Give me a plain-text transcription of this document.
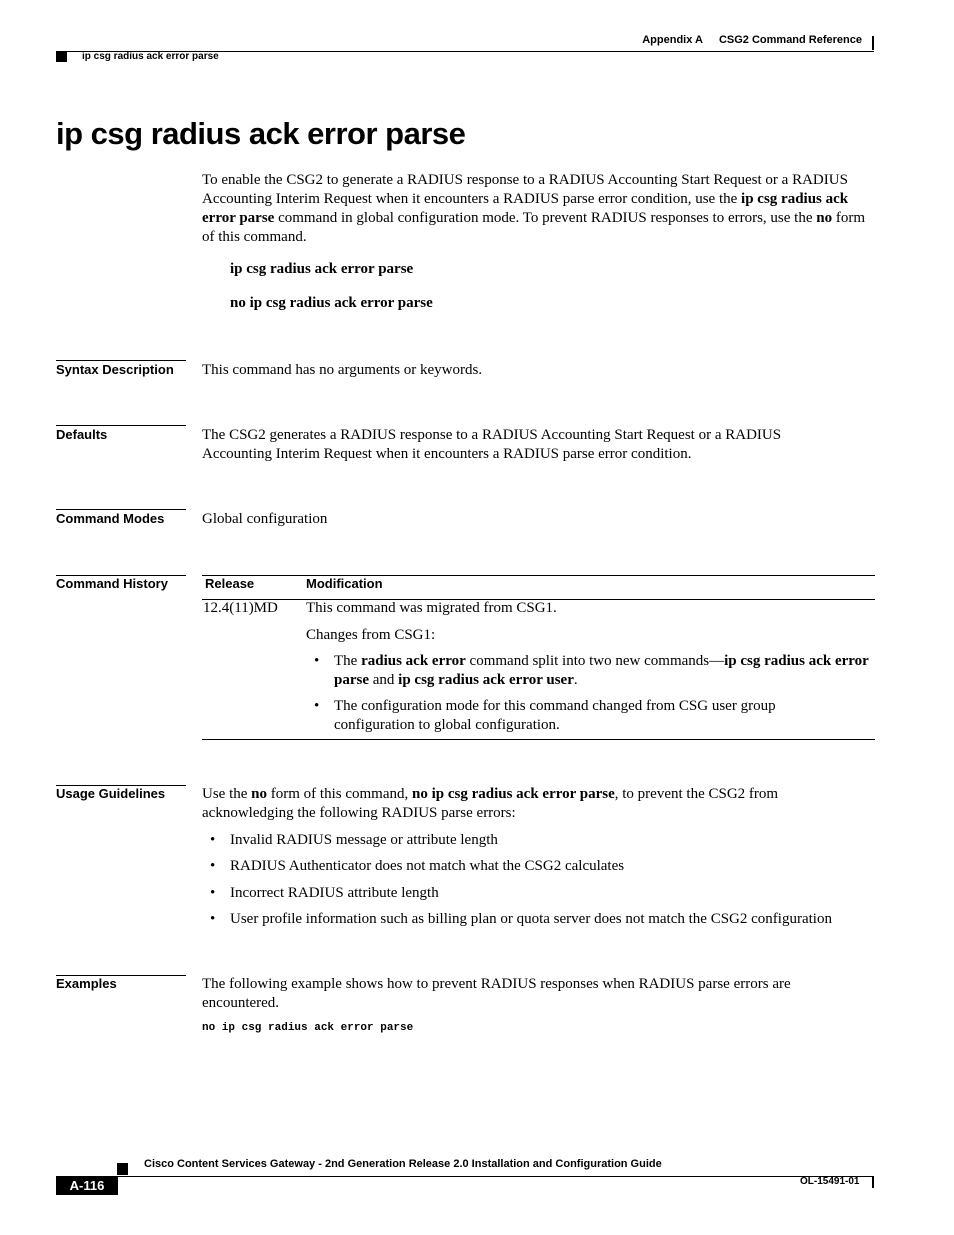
Appendix A CSG2 Command Reference
ip csg radius ack error parse
ip csg radius ack error parse
To enable the CSG2 to generate a RADIUS response to a RADIUS Accounting Start Request or a RADIUS Accounting Interim Request when it encounters a RADIUS parse error condition, use the ip csg radius ack error parse command in global configuration mode. To prevent RADIUS responses to errors, use the no form of this command.
ip csg radius ack error parse
no ip csg radius ack error parse
Syntax Description This command has no arguments or keywords.
Defaults	The CSG2 generates a RADIUS response to a RADIUS Accounting Start Request or a RADIUS Accounting Interim Request when it encounters a RADIUS parse error condition.
Command Modes	Global configuration
Command History	Release	Modification
12.4(11)MD This command was migrated from CSG1.
Changes from CSG1:
• The radius ack error command split into two new commands—ip csg radius ack error parse and ip csg radius ack error user.
• The configuration mode for this command changed from CSG user group configuration to global configuration.
Usage Guidelines Use the no form of this command, no ip csg radius ack error parse, to prevent the CSG2 from acknowledging the following RADIUS parse errors:
• Invalid RADIUS message or attribute length
• RADIUS Authenticator does not match what the CSG2 calculates
• Incorrect RADIUS attribute length
• User profile information such as billing plan or quota server does not match the CSG2 configuration
Examples	The following example shows how to prevent RADIUS responses when RADIUS parse errors are encountered.
no ip csg radius ack error parse
Cisco Content Services Gateway - 2nd Generation Release 2.0 Installation and Configuration Guide
A-116	OL-15491-01
